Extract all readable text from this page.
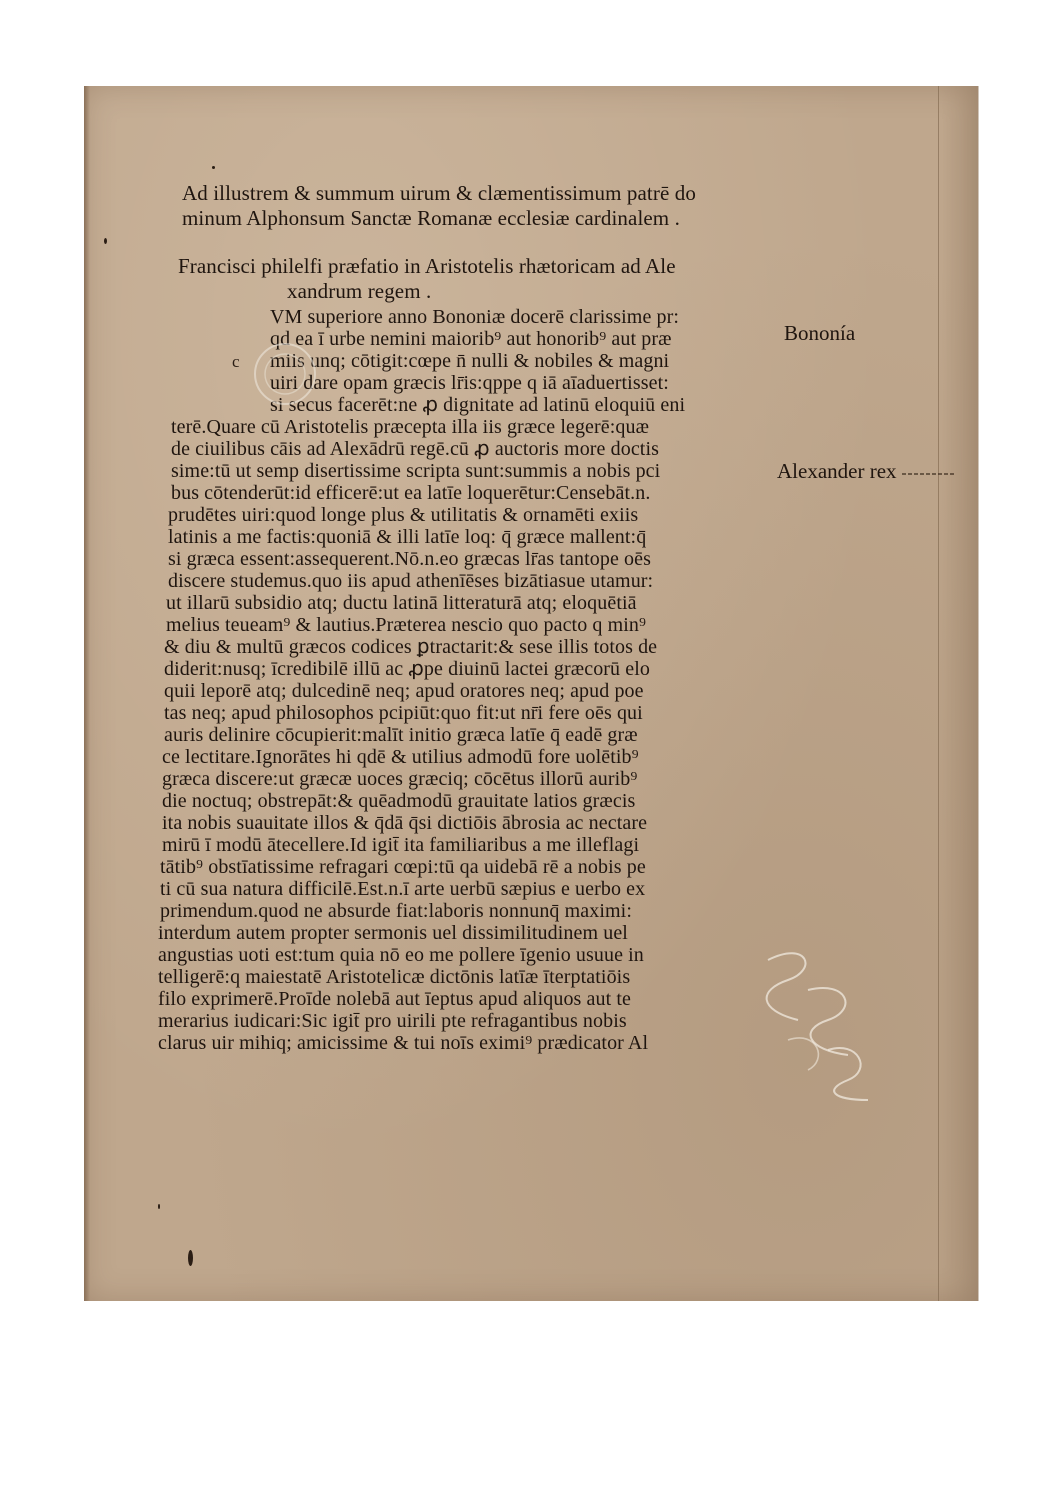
Ad illustrem & summum uirum & clæmentissimum patrē do

minum Alphonsum Sanctæ Romanæ ecclesiæ cardinalem .

Francisci philelfi præfatio in Aristotelis rhætoricam ad Ale

xandrum regem .

c

VM superiore anno Bononiæ docerē clarissime pr:

qd ea ī urbe nemini maiorib⁹ aut honorib⁹ aut præ

miis unq; cōtigit:cœpe n̄ nulli & nobiles & magni

uiri dare opam græcis lr̄is:qppe q iā aīaduertisset:

si secus facerēt:ne ꝓ dignitate ad latinū eloquiū eni

terē.Quare cū Aristotelis præcepta illa iis græce legerē:quæ

de ciuilibus cāis ad Alexādrū regē.cū ꝓ auctoris more doctis

sime:tū ut semp disertissime scripta sunt:summis a nobis pci

bus cōtenderūt:id efficerē:ut ea latīe loquerētur:Censebāt.n.

prudētes uiri:quod longe plus & utilitatis & ornamēti exiis

latinis a me factis:quoniā & illi latīe loq: q̄ græce mallent:q̄

si græca essent:assequerent.Nō.n.eo græcas lr̄as tantope oēs

discere studemus.quo iis apud athenīēses bizātiasue utamur:

ut illarū subsidio atq; ductu latinā litteraturā atq; eloquētiā

melius teueam⁹ & lautius.Præterea nescio quo pacto q min⁹

& diu & multū græcos codices ꝑtractarit:& sese illis totos de

diderit:nusq; īcredibilē illū ac ꝓpe diuinū lactei græcorū elo

quii leporē atq; dulcedinē neq; apud oratores neq; apud poe

tas neq; apud philosophos pcipiūt:quo fit:ut nr̄i fere oēs qui

auris delinire cōcupierit:malīt initio græca latīe q̄ eadē græ

ce lectitare.Ignorātes hi qdē & utilius admodū fore uolētib⁹

græca discere:ut græcæ uoces græciq; cōcētus illorū aurib⁹

die noctuq; obstrepāt:& quēadmodū grauitate latios græcis

ita nobis suauitate illos & q̄dā q̄si dictiōis ābrosia ac nectare

mirū ī modū ātecellere.Id igit̄ ita familiaribus a me illeflagi

tātib⁹ obstīatissime refragari cœpi:tū qa uidebā rē a nobis pe

ti cū sua natura difficilē.Est.n.ī arte uerbū sæpius e uerbo ex

primendum.quod ne absurde fiat:laboris nonnunq̄ maximi:

interdum autem propter sermonis uel dissimilitudinem uel

angustias uoti est:tum quia nō eo me pollere īgenio usuue in

telligerē:q maiestatē Aristotelicæ dictōnis latīæ īterptatiōis

filo exprimerē.Proīde nolebā aut īeptus apud aliquos aut te

merarius iudicari:Sic igit̄ pro uirili pte refragantibus nobis

clarus uir mihiq; amicissime & tui noīs eximi⁹ prædicator Al

Bononía
Alexander rex
